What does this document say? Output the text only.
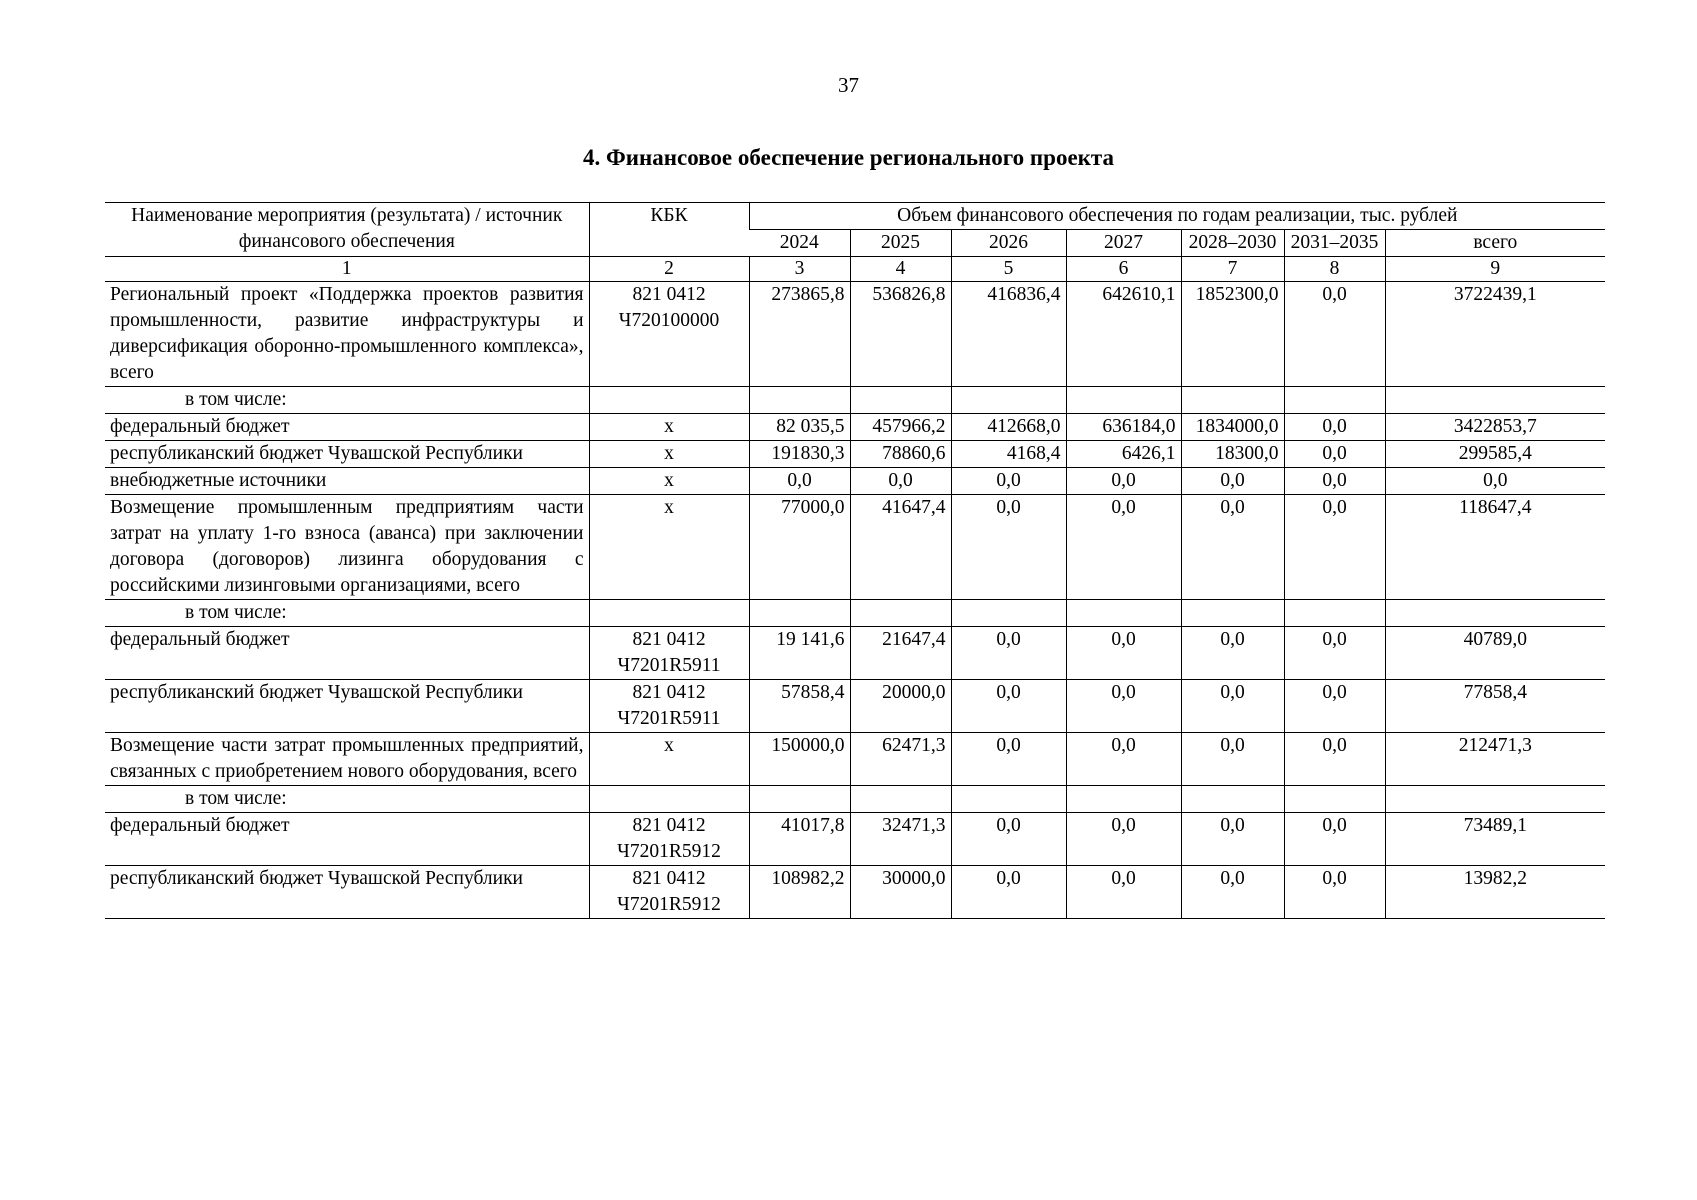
37
4. Финансовое обеспечение регионального проекта
Наименование мероприятия (результата) / источник финансового обеспечения	КБК	Объем финансового обеспечения по годам реализации, тыс. рублей						
		2024	2025	2026	2027	2028–2030	2031–2035	всего
1	2	3	4	5	6	7	8	9
Региональный проект «Поддержка проектов развития промышленности, развитие инфраструктуры и диверсификация оборонно-промышленного комплекса», всего	821 0412 Ч720100000	273865,8	536826,8	416836,4	642610,1	1852300,0	0,0	3722439,1
в том числе:								
федеральный бюджет	x	82 035,5	457966,2	412668,0	636184,0	1834000,0	0,0	3422853,7
республиканский бюджет Чувашской Республики	x	191830,3	78860,6	4168,4	6426,1	18300,0	0,0	299585,4
внебюджетные источники	x	0,0	0,0	0,0	0,0	0,0	0,0	0,0
Возмещение промышленным предприятиям части затрат на уплату 1-го взноса (аванса) при заключении договора (договоров) лизинга оборудования с российскими лизинговыми организациями, всего	x	77000,0	41647,4	0,0	0,0	0,0	0,0	118647,4
в том числе:								
федеральный бюджет	821 0412 Ч7201R5911	19 141,6	21647,4	0,0	0,0	0,0	0,0	40789,0
республиканский бюджет Чувашской Республики	821 0412 Ч7201R5911	57858,4	20000,0	0,0	0,0	0,0	0,0	77858,4
Возмещение части затрат промышленных предприятий, связанных с приобретением нового оборудования, всего	x	150000,0	62471,3	0,0	0,0	0,0	0,0	212471,3
в том числе:								
федеральный бюджет	821 0412 Ч7201R5912	41017,8	32471,3	0,0	0,0	0,0	0,0	73489,1
республиканский бюджет Чувашской Республики	821 0412 Ч7201R5912	108982,2	30000,0	0,0	0,0	0,0	0,0	13982,2
